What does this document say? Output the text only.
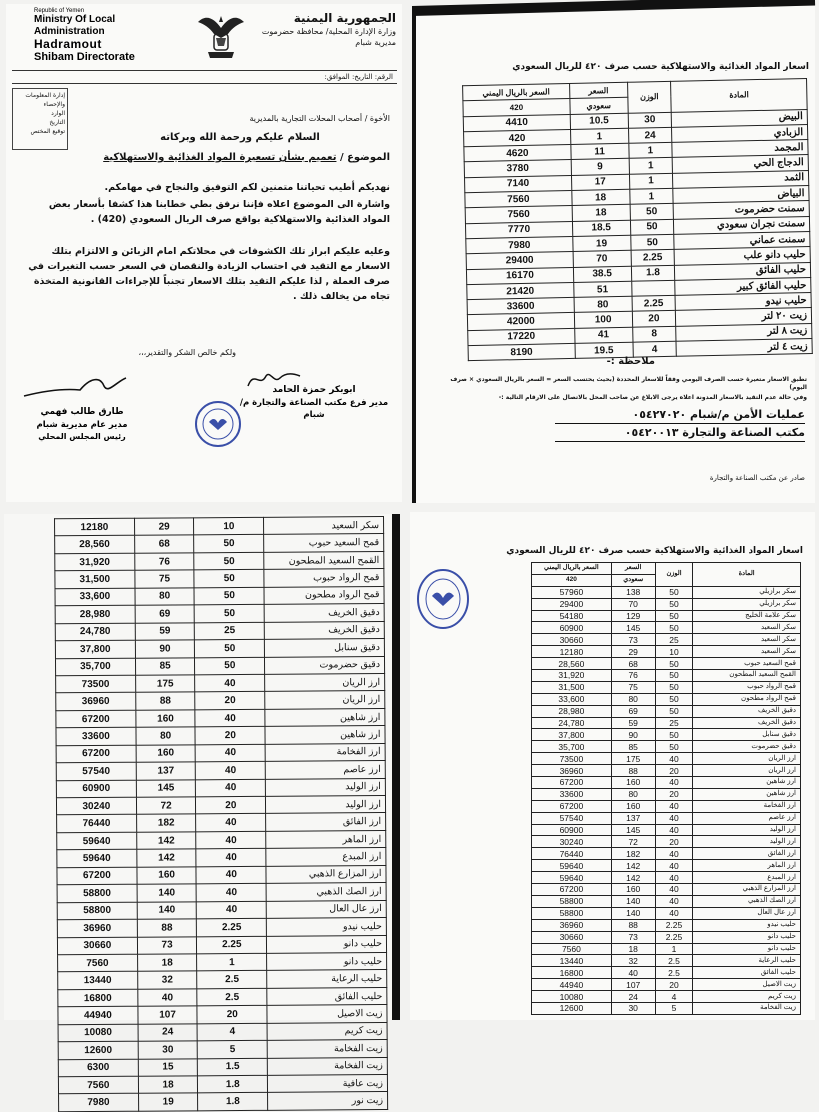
Republic of Yemen
Ministry Of Local Administration
Hadramout
Shibam Directorate
الجمهورية اليمنية
وزارة الإدارة المحلية/ محافظة حضرموت
مديرية شبام
الرقم: التاريخ: الموافق:
إدارة المعلومات والإحصاء
الوارد
التاريخ
توقيع المختص
الأخوة / أصحاب المحلات التجارية بالمديرية
السلام عليكم ورحمة الله وبركاته
الموضوع / تعميم بشأن تسعيرة المواد الغذائية والاستهلاكية
نهديكم أطيب تحياتنا متمنين لكم التوفيق والنجاح في مهامكم.
واشارة الى الموضوع اعلاه فإننا نرفق بطي خطابنا هذا كشفا بأسعار بعض المواد الغذائية والاستهلاكية بواقع صرف الريال السعودي (420) .
وعليه عليكم ابراز تلك الكشوفات في محلاتكم امام الزبائن و الالتزام بتلك الاسعار مع التقيد في احتساب الزيادة والنقصان في السعر حسب التغيرات في صرف العملة , لذا عليكم التقيد بتلك الاسعار تجنباً للإجراءات القانونية المتخذة تجاه من يخالف ذلك .
ولكم خالص الشكر والتقدير،،،
ابوبكر حمزة الحامد
مدير فرع مكتب الصناعة والتجارة م/شبام
طارق طالب فهمي
مدير عام مديرية شبام
رئيس المجلس المحلي
اسعار المواد الغذائية والاستهلاكية حسب صرف ٤٢٠ للريال السعودي
المادة	الوزن	السعر	السعر بالريال اليمني
		سعودي	420
البيض	30	10.5	4410
الزبادي	24	1	420
المجمد	1	11	4620
الدجاج الحي	1	9	3780
الثمد	1	17	7140
البياض	1	18	7560
سمنت حضرموت	50	18	7560
سمنت نجران سعودي	50	18.5	7770
سمنت عماني	50	19	7980
حليب دانو علب	2.25	70	29400
حليب الفائق	1.8	38.5	16170
حليب الفائق كبير		51	21420
حليب نيدو	2.25	80	33600
زيت ٢٠ لتر	20	100	42000
زيت ٨ لتر	8	41	17220
زيت ٤ لتر	4	19.5	8190
ملاحظة :-
تطبق الاسعار متغيرة حسب الصرف اليومي وفقاً للاسعار المحددة (بحيث يحتسب السعر = السعر بالريال السعودي × صرف اليوم)
وفي حالة عدم التقيد بالاسعار المدونة اعلاه يرجى الابلاغ عن صاحب المحل بالاتصال على الارقام التالية :-
عمليات الأمن م/شبام ٠٥٤٢٧٠٢٠
مكتب الصناعة والتجارة ٠٥٤٢٠٠١٣
صادر عن مكتب الصناعة والتجارة
سكر السعيد	10	29	12180
قمح السعيد حبوب	50	68	28,560
القمح السعيد المطحون	50	76	31,920
قمح الرواد حبوب	50	75	31,500
قمح الرواد مطحون	50	80	33,600
دقيق الخريف	50	69	28,980
دقيق الخريف	25	59	24,780
دقيق سنابل	50	90	37,800
دقيق حضرموت	50	85	35,700
ارز الريان	40	175	73500
ارز الريان	20	88	36960
ارز شاهين	40	160	67200
ارز شاهين	20	80	33600
ارز الفخامة	40	160	67200
ارز عاصم	40	137	57540
ارز الوليد	40	145	60900
ارز الوليد	20	72	30240
ارز الفائق	40	182	76440
ارز الماهر	40	142	59640
ارز المبدع	40	142	59640
ارز المزارع الذهبي	40	160	67200
ارز الصك الذهبي	40	140	58800
ارز عال العال	40	140	58800
حليب نيدو	2.25	88	36960
حليب دانو	2.25	73	30660
حليب دانو	1	18	7560
حليب الرعاية	2.5	32	13440
حليب الفائق	2.5	40	16800
زيت الاصيل	20	107	44940
زيت كريم	4	24	10080
زيت الفخامة	5	30	12600
زيت الفخامة	1.5	15	6300
زيت عافية	1.8	18	7560
زيت نور	1.8	19	7980
اسعار المواد الغذائية والاستهلاكية حسب صرف ٤٢٠ للريال السعودي
المادة	الوزن	السعر	السعر بالريال اليمني
		سعودي	420
سكر برازيلي	50	138	57960
سكر برازيلي	50	70	29400
سكر علامة الخليج	50	129	54180
سكر السعيد	50	145	60900
سكر السعيد	25	73	30660
سكر السعيد	10	29	12180
قمح السعيد حبوب	50	68	28,560
القمح السعيد المطحون	50	76	31,920
قمح الرواد حبوب	50	75	31,500
قمح الرواد مطحون	50	80	33,600
دقيق الخريف	50	69	28,980
دقيق الخريف	25	59	24,780
دقيق سنابل	50	90	37,800
دقيق حضرموت	50	85	35,700
ارز الريان	40	175	73500
ارز الريان	20	88	36960
ارز شاهين	40	160	67200
ارز شاهين	20	80	33600
ارز الفخامة	40	160	67200
ارز عاصم	40	137	57540
ارز الوليد	40	145	60900
ارز الوليد	20	72	30240
ارز الفائق	40	182	76440
ارز الماهر	40	142	59640
ارز المبدع	40	142	59640
ارز المزارع الذهبي	40	160	67200
ارز الصك الذهبي	40	140	58800
ارز عال العال	40	140	58800
حليب نيدو	2.25	88	36960
حليب دانو	2.25	73	30660
حليب دانو	1	18	7560
حليب الرعاية	2.5	32	13440
حليب الفائق	2.5	40	16800
زيت الاصيل	20	107	44940
زيت كريم	4	24	10080
زيت الفخامة	5	30	12600
